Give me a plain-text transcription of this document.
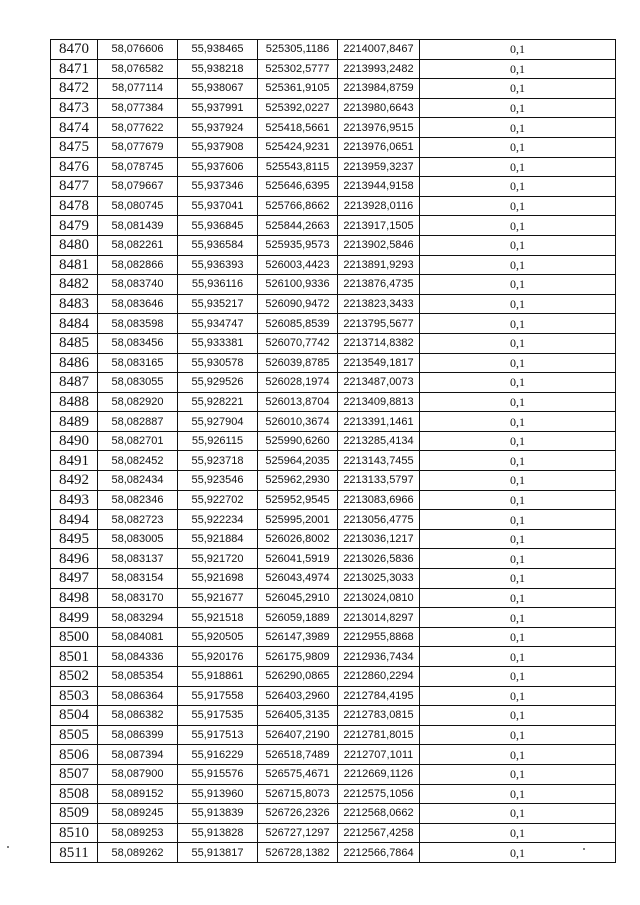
8470	58,076606	55,938465	525305,1186	2214007,8467	0,1
8471	58,076582	55,938218	525302,5777	2213993,2482	0,1
8472	58,077114	55,938067	525361,9105	2213984,8759	0,1
8473	58,077384	55,937991	525392,0227	2213980,6643	0,1
8474	58,077622	55,937924	525418,5661	2213976,9515	0,1
8475	58,077679	55,937908	525424,9231	2213976,0651	0,1
8476	58,078745	55,937606	525543,8115	2213959,3237	0,1
8477	58,079667	55,937346	525646,6395	2213944,9158	0,1
8478	58,080745	55,937041	525766,8662	2213928,0116	0,1
8479	58,081439	55,936845	525844,2663	2213917,1505	0,1
8480	58,082261	55,936584	525935,9573	2213902,5846	0,1
8481	58,082866	55,936393	526003,4423	2213891,9293	0,1
8482	58,083740	55,936116	526100,9336	2213876,4735	0,1
8483	58,083646	55,935217	526090,9472	2213823,3433	0,1
8484	58,083598	55,934747	526085,8539	2213795,5677	0,1
8485	58,083456	55,933381	526070,7742	2213714,8382	0,1
8486	58,083165	55,930578	526039,8785	2213549,1817	0,1
8487	58,083055	55,929526	526028,1974	2213487,0073	0,1
8488	58,082920	55,928221	526013,8704	2213409,8813	0,1
8489	58,082887	55,927904	526010,3674	2213391,1461	0,1
8490	58,082701	55,926115	525990,6260	2213285,4134	0,1
8491	58,082452	55,923718	525964,2035	2213143,7455	0,1
8492	58,082434	55,923546	525962,2930	2213133,5797	0,1
8493	58,082346	55,922702	525952,9545	2213083,6966	0,1
8494	58,082723	55,922234	525995,2001	2213056,4775	0,1
8495	58,083005	55,921884	526026,8002	2213036,1217	0,1
8496	58,083137	55,921720	526041,5919	2213026,5836	0,1
8497	58,083154	55,921698	526043,4974	2213025,3033	0,1
8498	58,083170	55,921677	526045,2910	2213024,0810	0,1
8499	58,083294	55,921518	526059,1889	2213014,8297	0,1
8500	58,084081	55,920505	526147,3989	2212955,8868	0,1
8501	58,084336	55,920176	526175,9809	2212936,7434	0,1
8502	58,085354	55,918861	526290,0865	2212860,2294	0,1
8503	58,086364	55,917558	526403,2960	2212784,4195	0,1
8504	58,086382	55,917535	526405,3135	2212783,0815	0,1
8505	58,086399	55,917513	526407,2190	2212781,8015	0,1
8506	58,087394	55,916229	526518,7489	2212707,1011	0,1
8507	58,087900	55,915576	526575,4671	2212669,1126	0,1
8508	58,089152	55,913960	526715,8073	2212575,1056	0,1
8509	58,089245	55,913839	526726,2326	2212568,0662	0,1
8510	58,089253	55,913828	526727,1297	2212567,4258	0,1
8511	58,089262	55,913817	526728,1382	2212566,7864	0,1
